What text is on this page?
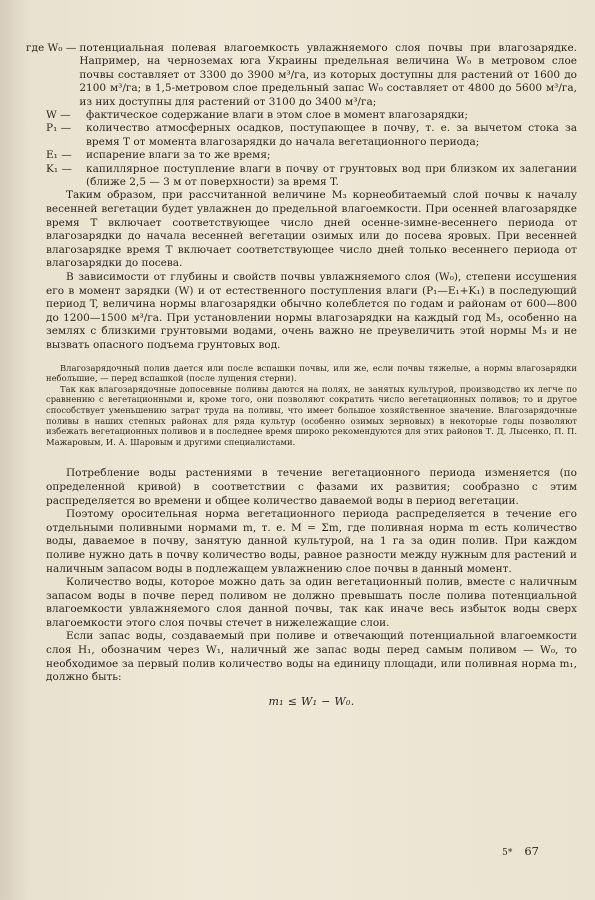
где W₀ — потенциальная полевая влагоемкость увлажняемого слоя почвы при влагозарядке. Например, на черноземах юга Украины предельная величина W₀ в метровом слое почвы составляет от 3300 до 3900 м³/га, из которых доступны для растений от 1600 до 2100 м³/га; в 1,5-метровом слое предельный запас W₀ составляет от 4800 до 5600 м³/га, из них доступны для растений от 3100 до 3400 м³/га;
W —	фактическое содержание влаги в этом слое в момент влагозарядки;
P₁ —	количество атмосферных осадков, поступающее в почву, т. е. за вычетом стока за время T от момента влагозарядки до начала вегетационного периода;
E₁ —	испарение влаги за то же время;
K₁ —	капиллярное поступление влаги в почву от грунтовых вод при близком их залегании (ближе 2,5 — 3 м от поверхности) за время T.

Таким образом, при рассчитанной величине M₃ корнеобитаемый слой почвы к началу весенней вегетации будет увлажнен до предельной влагоемкости. При осенней влагозарядке время T включает соответствующее число дней осенне-зимне-весеннего периода от влагозарядки до начала весенней вегетации озимых или до посева яровых. При весенней влагозарядке время T включает соответствующее число дней только весеннего периода от влагозарядки до посева.

В зависимости от глубины и свойств почвы увлажняемого слоя (W₀), степени иссушения его в момент зарядки (W) и от естественного поступления влаги (P₁—E₁+K₁) в последующий период T, величина нормы влагозарядки обычно колеблется по годам и районам от 600—800 до 1200—1500 м³/га. При установлении нормы влагозарядки на каждый год M₃, особенно на землях с близкими грунтовыми водами, очень важно не преувеличить этой нормы M₃ и не вызвать опасного подъема грунтовых вод.

Влагозарядочный полив дается или после вспашки почвы, или же, если почвы тяжелые, а нормы влагозарядки небольшие, — перед вспашкой (после лущения стерни).

Так как влагозарядочные допосевные поливы даются на полях, не занятых культурой, производство их легче по сравнению с вегетационными и, кроме того, они позволяют сократить число вегетационных поливов; то и другое способствует уменьшению затрат труда на поливы, что имеет большое хозяйственное значение. Влагозарядочные поливы в наших степных районах для ряда культур (особенно озимых зерновых) в некоторые годы позволяют избежать вегетационных поливов и в последнее время широко рекомендуются для этих районов Т. Д. Лысенко, П. П. Мажаровым, И. А. Шаровым и другими специалистами.

Потребление воды растениями в течение вегетационного периода изменяется (по определенной кривой) в соответствии с фазами их развития; сообразно с этим распределяется во времени и общее количество даваемой воды в период вегетации.

Поэтому оросительная норма вегетационного периода распределяется в течение его отдельными поливными нормами m, т. е. M = Σm, где поливная норма m есть количество воды, даваемое в почву, занятую данной культурой, на 1 га за один полив. При каждом поливе нужно дать в почву количество воды, равное разности между нужным для растений и наличным запасом воды в подлежащем увлажнению слое почвы в данный момент.

Количество воды, которое можно дать за один вегетационный полив, вместе с наличным запасом воды в почве перед поливом не должно превышать после полива потенциальной влагоемкости увлажняемого слоя данной почвы, так как иначе весь избыток воды сверх влагоемкости этого слоя почвы стечет в нижележащие слои.

Если запас воды, создаваемый при поливе и отвечающий потенциальной влагоемкости слоя H₁, обозначим через W₁, наличный же запас воды перед самым поливом — W₀, то необходимое за первый полив количество воды на единицу площади, или поливная норма m₁, должно быть:

m₁ ≤ W₁ − W₀.
5* 67
